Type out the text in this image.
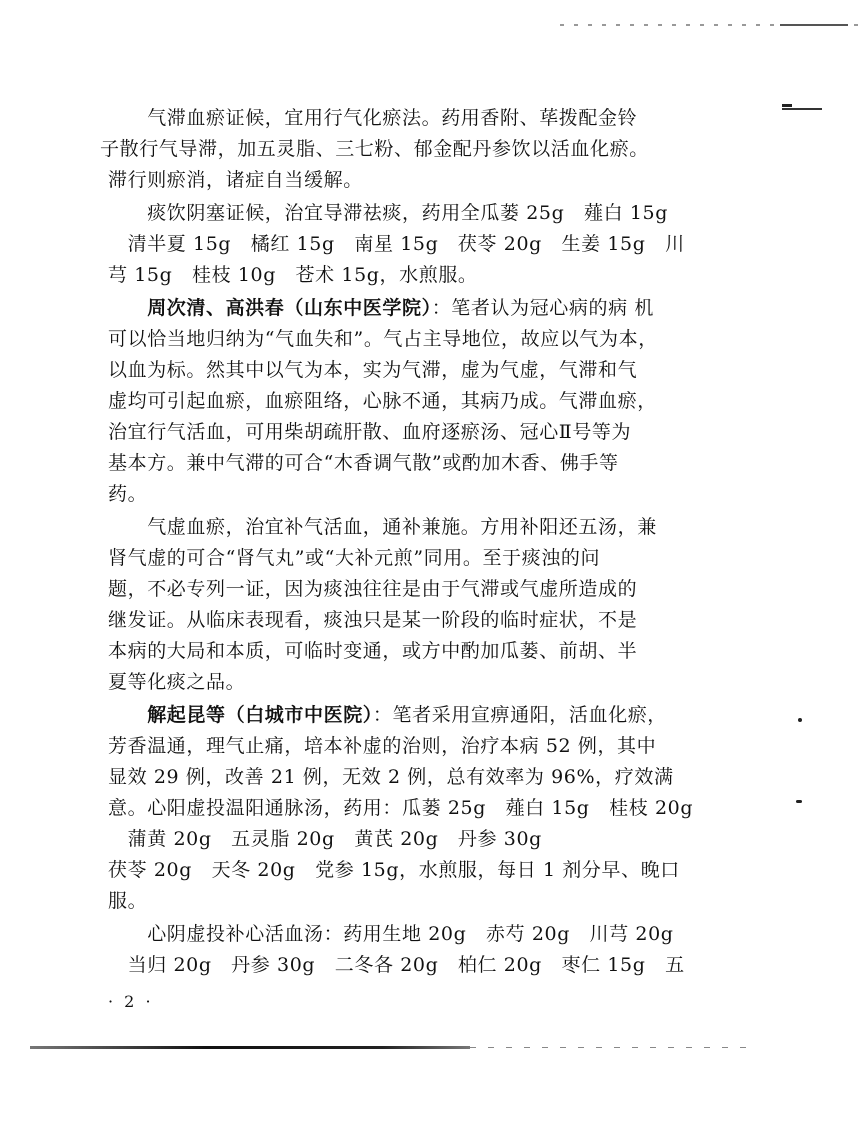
　　气滞血瘀证候，宜用行气化瘀法。药用香附、荜拨配金铃
子散行气导滞，加五灵脂、三七粉、郁金配丹参饮以活血化瘀。
滞行则瘀消，诸症自当缓解。
　　痰饮阴塞证候，治宜导滞祛痰，药用全瓜蒌 25g　薤白 15g
　清半夏 15g　橘红 15g　南星 15g　茯苓 20g　生姜 15g　川
芎 15g　桂枝 10g　苍术 15g，水煎服。
　　周次清、高洪春（山东中医学院）：笔者认为冠心病的病 机
可以恰当地归纳为“气血失和”。气占主导地位，故应以气为本，
以血为标。然其中以气为本，实为气滞，虚为气虚，气滞和气
虚均可引起血瘀，血瘀阻络，心脉不通，其病乃成。气滞血瘀，
治宜行气活血，可用柴胡疏肝散、血府逐瘀汤、冠心Ⅱ号等为
基本方。兼中气滞的可合“木香调气散”或酌加木香、佛手等
药。
　　气虚血瘀，治宜补气活血，通补兼施。方用补阳还五汤，兼
肾气虚的可合“肾气丸”或“大补元煎”同用。至于痰浊的问
题，不必专列一证，因为痰浊往往是由于气滞或气虚所造成的
继发证。从临床表现看，痰浊只是某一阶段的临时症状，不是
本病的大局和本质，可临时变通，或方中酌加瓜蒌、前胡、半
夏等化痰之品。
　　解起昆等（白城市中医院）：笔者采用宣痹通阳，活血化瘀，
芳香温通，理气止痛，培本补虚的治则，治疗本病 52 例，其中
显效 29 例，改善 21 例，无效 2 例，总有效率为 96%，疗效满
意。心阳虚投温阳通脉汤，药用：瓜蒌 25g　薤白 15g　桂枝 20g
　蒲黄 20g　五灵脂 20g　黄芪 20g　丹参 30g
茯苓 20g　天冬 20g　党参 15g，水煎服，每日 1 剂分早、晚口
服。
　　心阴虚投补心活血汤：药用生地 20g　赤芍 20g　川芎 20g
　当归 20g　丹参 30g　二冬各 20g　柏仁 20g　枣仁 15g　五
· 2 ·
